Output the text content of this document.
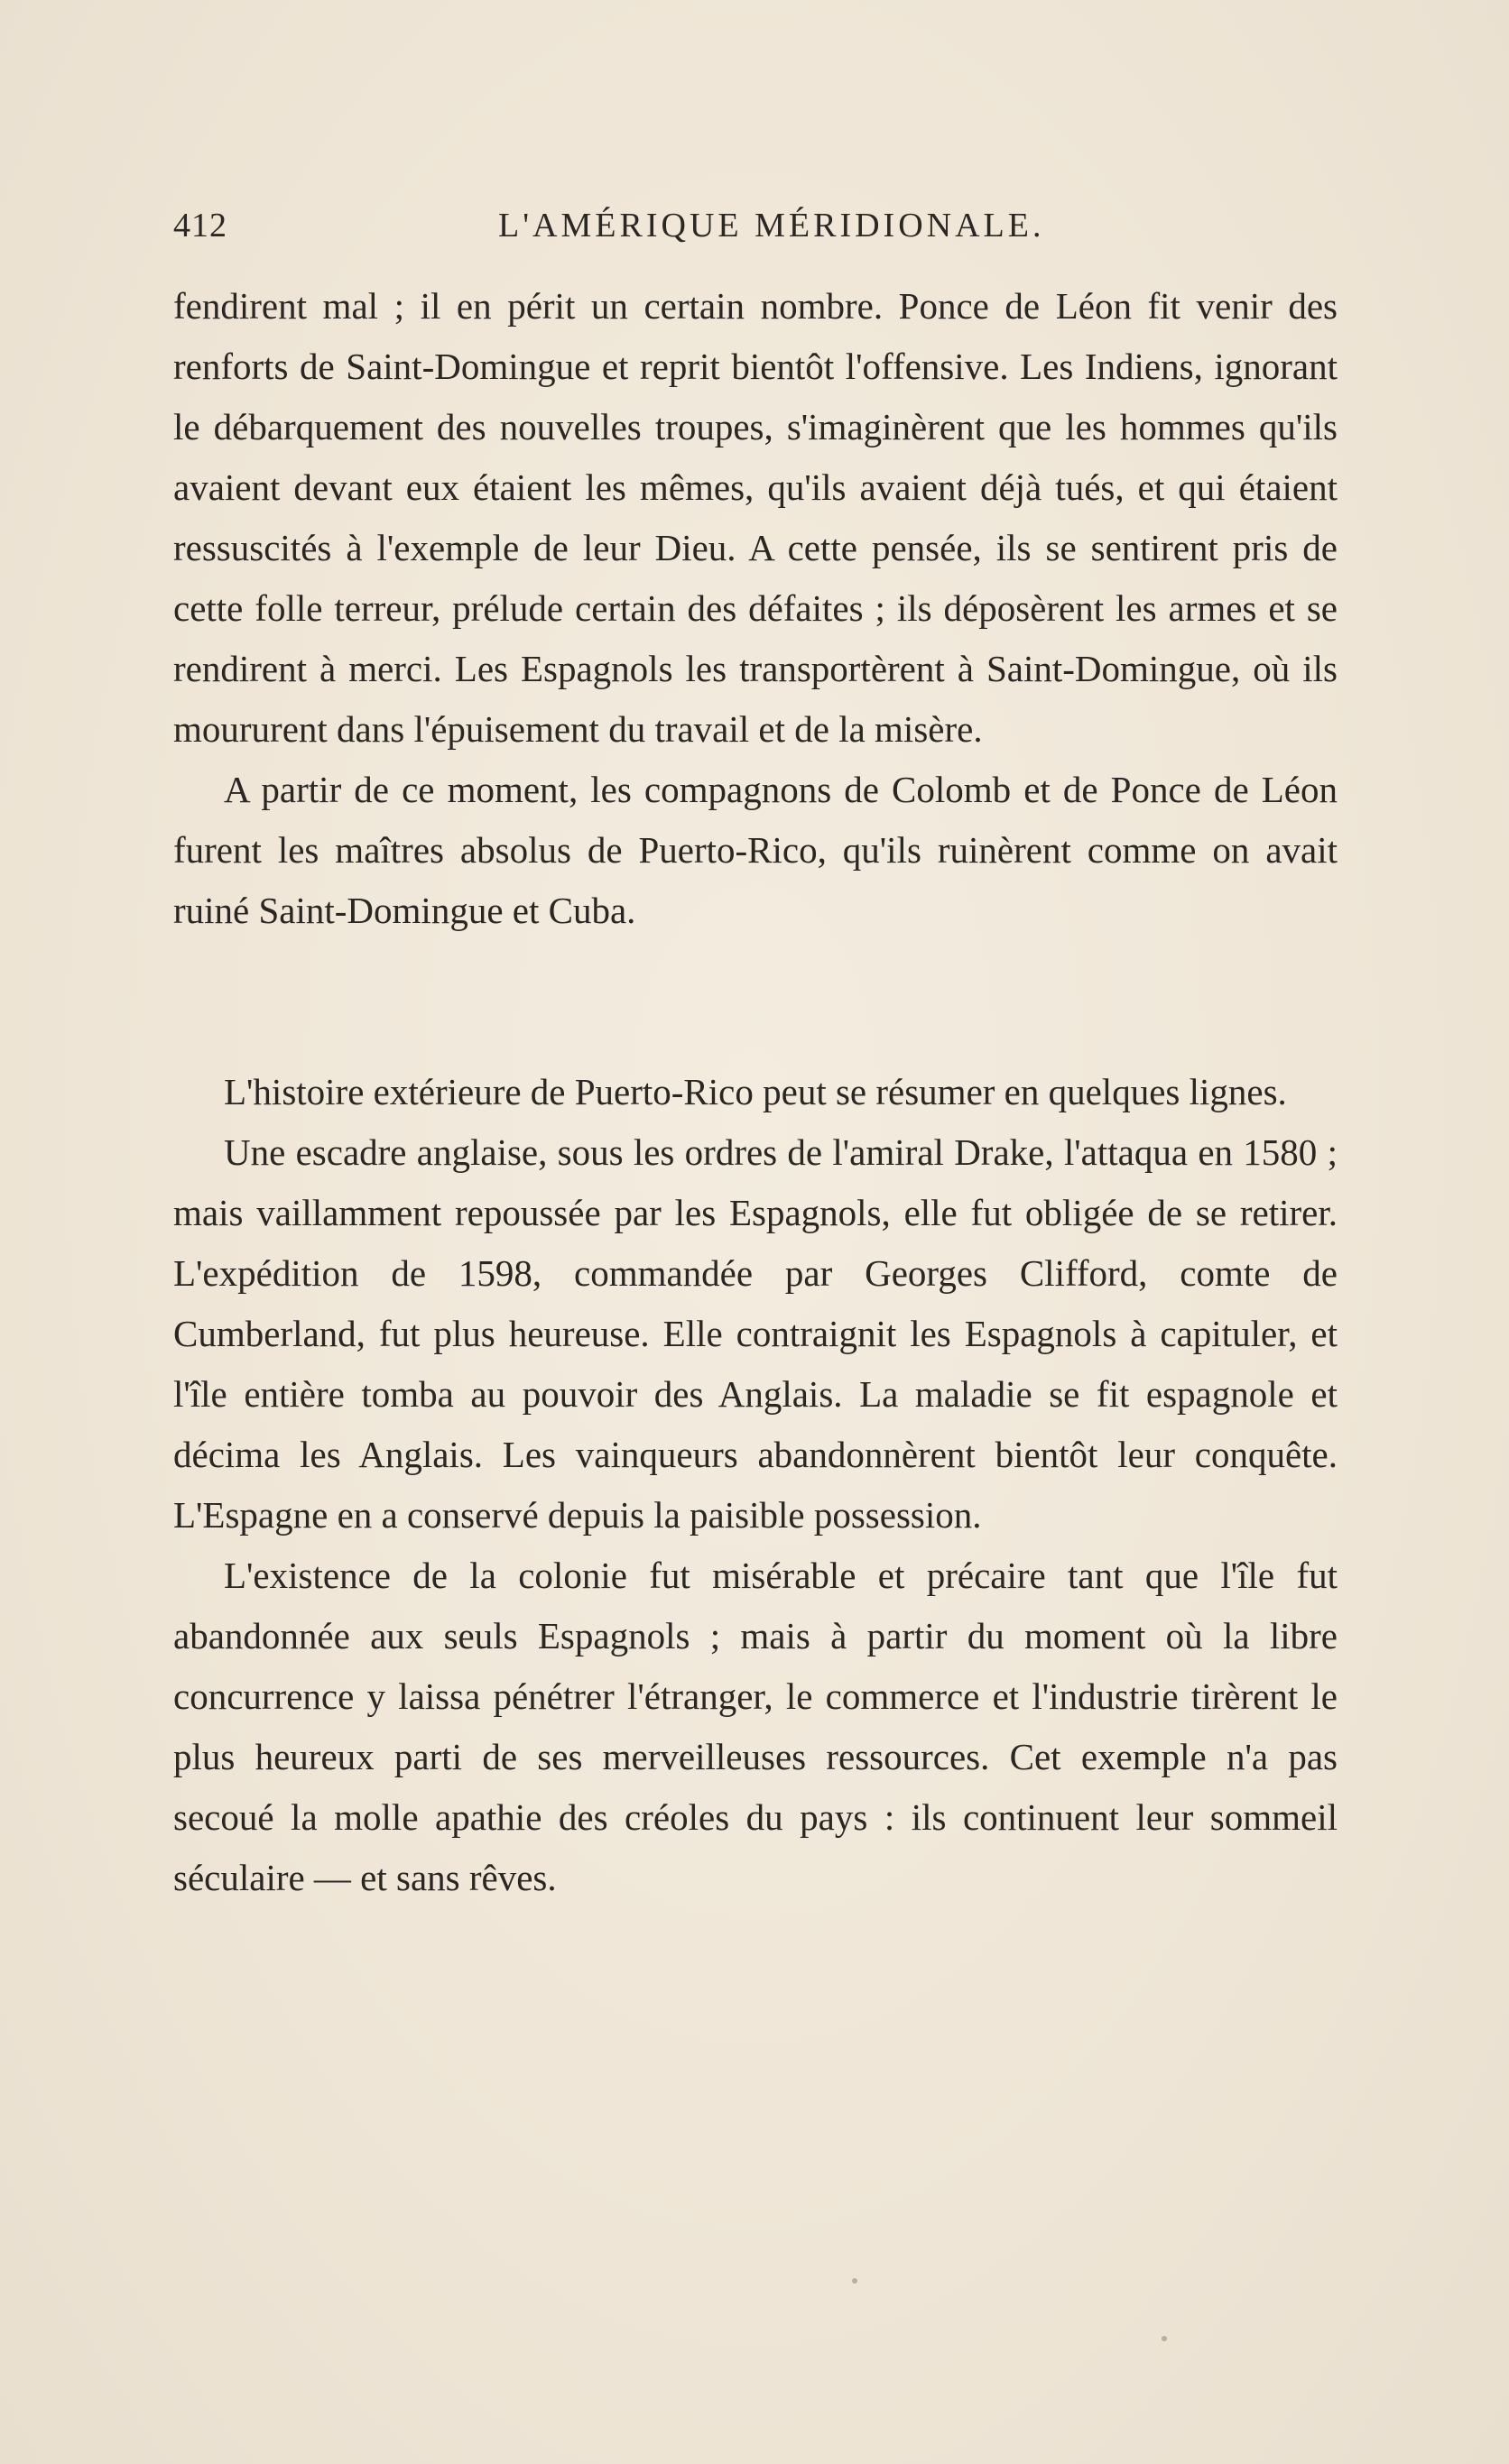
412	L'AMÉRIQUE MÉRIDIONALE.

fendirent mal ; il en périt un certain nombre. Ponce de Léon fit venir des renforts de Saint-Domingue et reprit bientôt l'offensive. Les Indiens, ignorant le débarquement des nouvelles troupes, s'imaginèrent que les hommes qu'ils avaient devant eux étaient les mêmes, qu'ils avaient déjà tués, et qui étaient ressuscités à l'exemple de leur Dieu. A cette pensée, ils se sentirent pris de cette folle terreur, prélude certain des défaites ; ils déposèrent les armes et se rendirent à merci. Les Espagnols les transportèrent à Saint-Domingue, où ils moururent dans l'épuisement du travail et de la misère.

A partir de ce moment, les compagnons de Colomb et de Ponce de Léon furent les maîtres absolus de Puerto-Rico, qu'ils ruinèrent comme on avait ruiné Saint-Domingue et Cuba.

L'histoire extérieure de Puerto-Rico peut se résumer en quelques lignes.

Une escadre anglaise, sous les ordres de l'amiral Drake, l'attaqua en 1580 ; mais vaillamment repoussée par les Espagnols, elle fut obligée de se retirer. L'expédition de 1598, commandée par Georges Clifford, comte de Cumberland, fut plus heureuse. Elle contraignit les Espagnols à capituler, et l'île entière tomba au pouvoir des Anglais. La maladie se fit espagnole et décima les Anglais. Les vainqueurs abandonnèrent bientôt leur conquête. L'Espagne en a conservé depuis la paisible possession.

L'existence de la colonie fut misérable et précaire tant que l'île fut abandonnée aux seuls Espagnols ; mais à partir du moment où la libre concurrence y laissa pénétrer l'étranger, le commerce et l'industrie tirèrent le plus heureux parti de ses merveilleuses ressources. Cet exemple n'a pas secoué la molle apathie des créoles du pays : ils continuent leur sommeil séculaire — et sans rêves.
